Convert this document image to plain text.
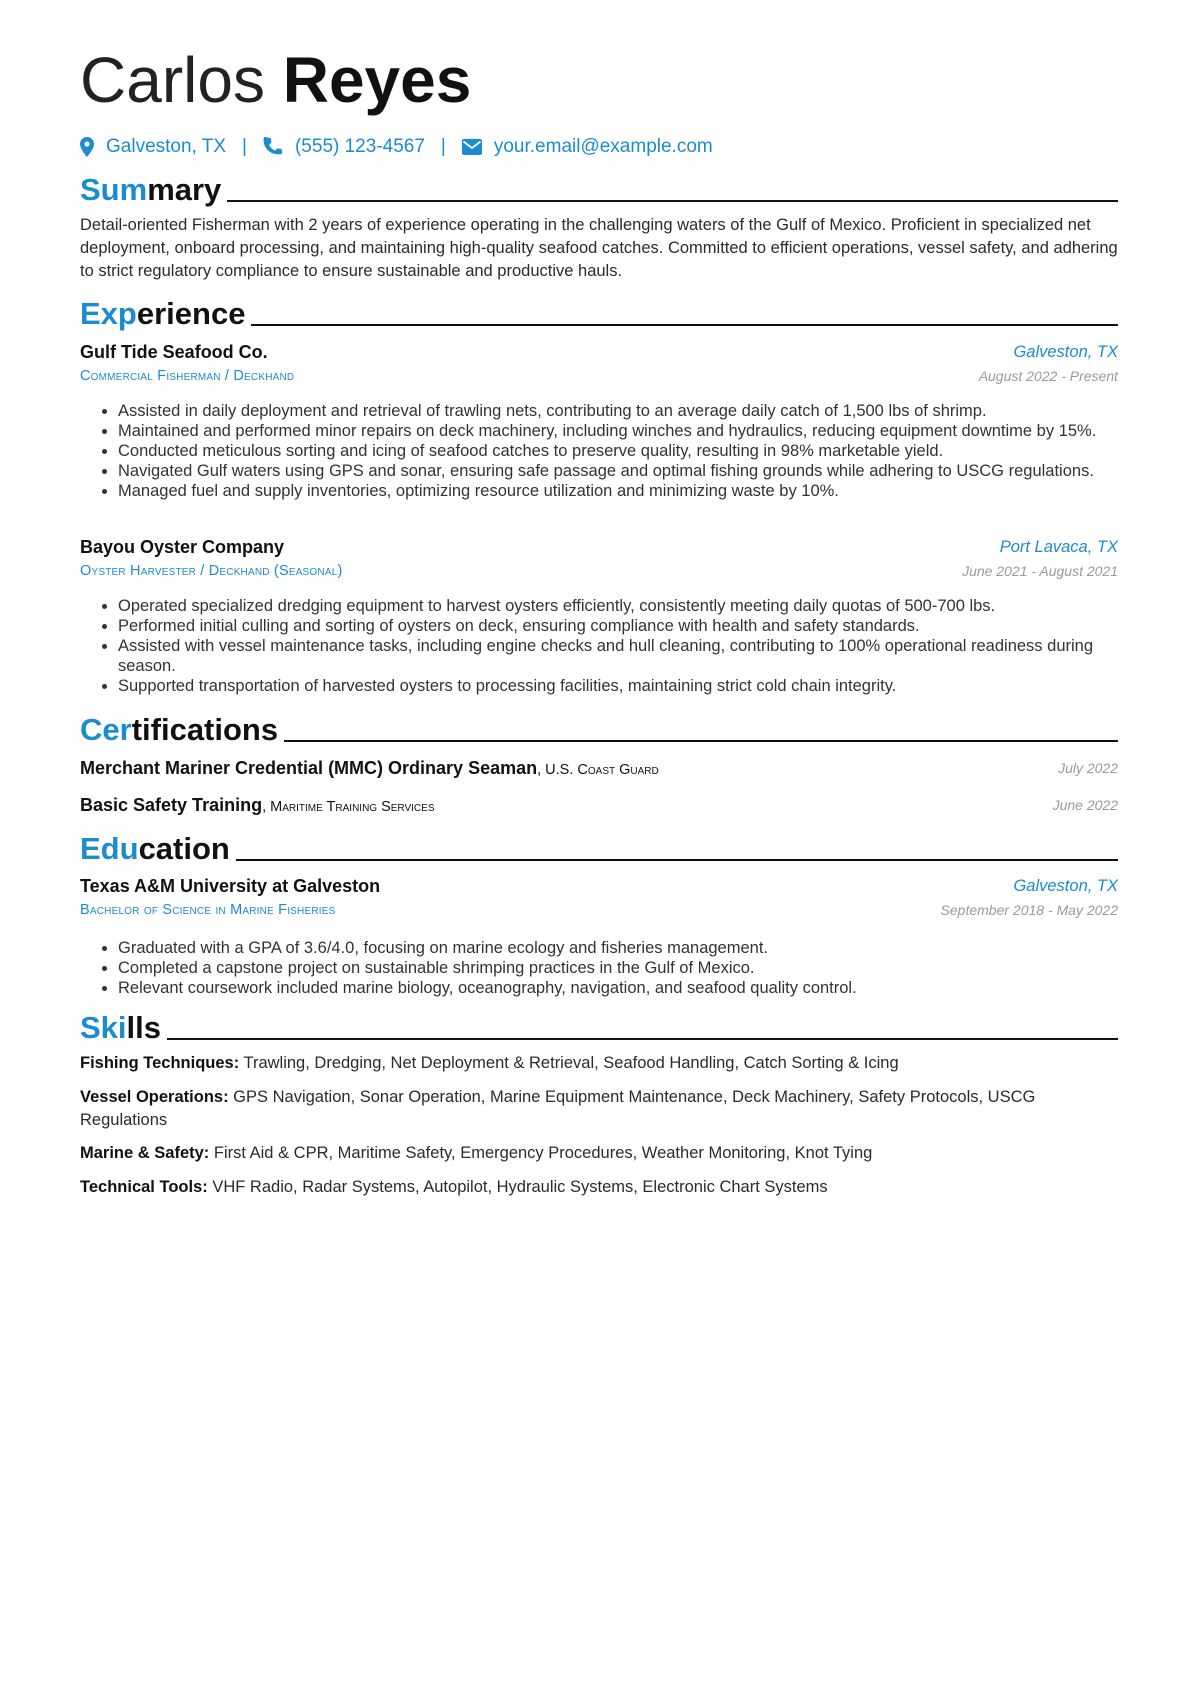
Carlos Reyes
Galveston, TX |	(555) 123-4567 |	your.email@example.com
Summary
Detail-oriented Fisherman with 2 years of experience operating in the challenging waters of the Gulf of Mexico. Proficient in specialized net deployment, onboard processing, and maintaining high-quality seafood catches. Committed to efficient operations, vessel safety, and adhering to strict regulatory compliance to ensure sustainable and productive hauls.
Experience
Gulf Tide Seafood Co.	Galveston, TX
Commercial Fisherman / Deckhand	August 2022 - Present
• Assisted in daily deployment and retrieval of trawling nets, contributing to an average daily catch of 1,500 lbs of shrimp.
• Maintained and performed minor repairs on deck machinery, including winches and hydraulics, reducing equipment downtime by 15%.
• Conducted meticulous sorting and icing of seafood catches to preserve quality, resulting in 98% marketable yield.
• Navigated Gulf waters using GPS and sonar, ensuring safe passage and optimal fishing grounds while adhering to USCG regulations.
• Managed fuel and supply inventories, optimizing resource utilization and minimizing waste by 10%.
Bayou Oyster Company	Port Lavaca, TX
Oyster Harvester / Deckhand (Seasonal)	June 2021 - August 2021
• Operated specialized dredging equipment to harvest oysters efficiently, consistently meeting daily quotas of 500-700 lbs.
• Performed initial culling and sorting of oysters on deck, ensuring compliance with health and safety standards.
• Assisted with vessel maintenance tasks, including engine checks and hull cleaning, contributing to 100% operational readiness during season.
• Supported transportation of harvested oysters to processing facilities, maintaining strict cold chain integrity.
Certifications
Merchant Mariner Credential (MMC) Ordinary Seaman, U.S. Coast Guard	July 2022
Basic Safety Training, Maritime Training Services	June 2022
Education
Texas A&M University at Galveston	Galveston, TX
Bachelor of Science in Marine Fisheries	September 2018 - May 2022
• Graduated with a GPA of 3.6/4.0, focusing on marine ecology and fisheries management.
• Completed a capstone project on sustainable shrimping practices in the Gulf of Mexico.
• Relevant coursework included marine biology, oceanography, navigation, and seafood quality control.
Skills
Fishing Techniques: Trawling, Dredging, Net Deployment & Retrieval, Seafood Handling, Catch Sorting & Icing
Vessel Operations: GPS Navigation, Sonar Operation, Marine Equipment Maintenance, Deck Machinery, Safety Protocols, USCG Regulations
Marine & Safety: First Aid & CPR, Maritime Safety, Emergency Procedures, Weather Monitoring, Knot Tying
Technical Tools: VHF Radio, Radar Systems, Autopilot, Hydraulic Systems, Electronic Chart Systems
